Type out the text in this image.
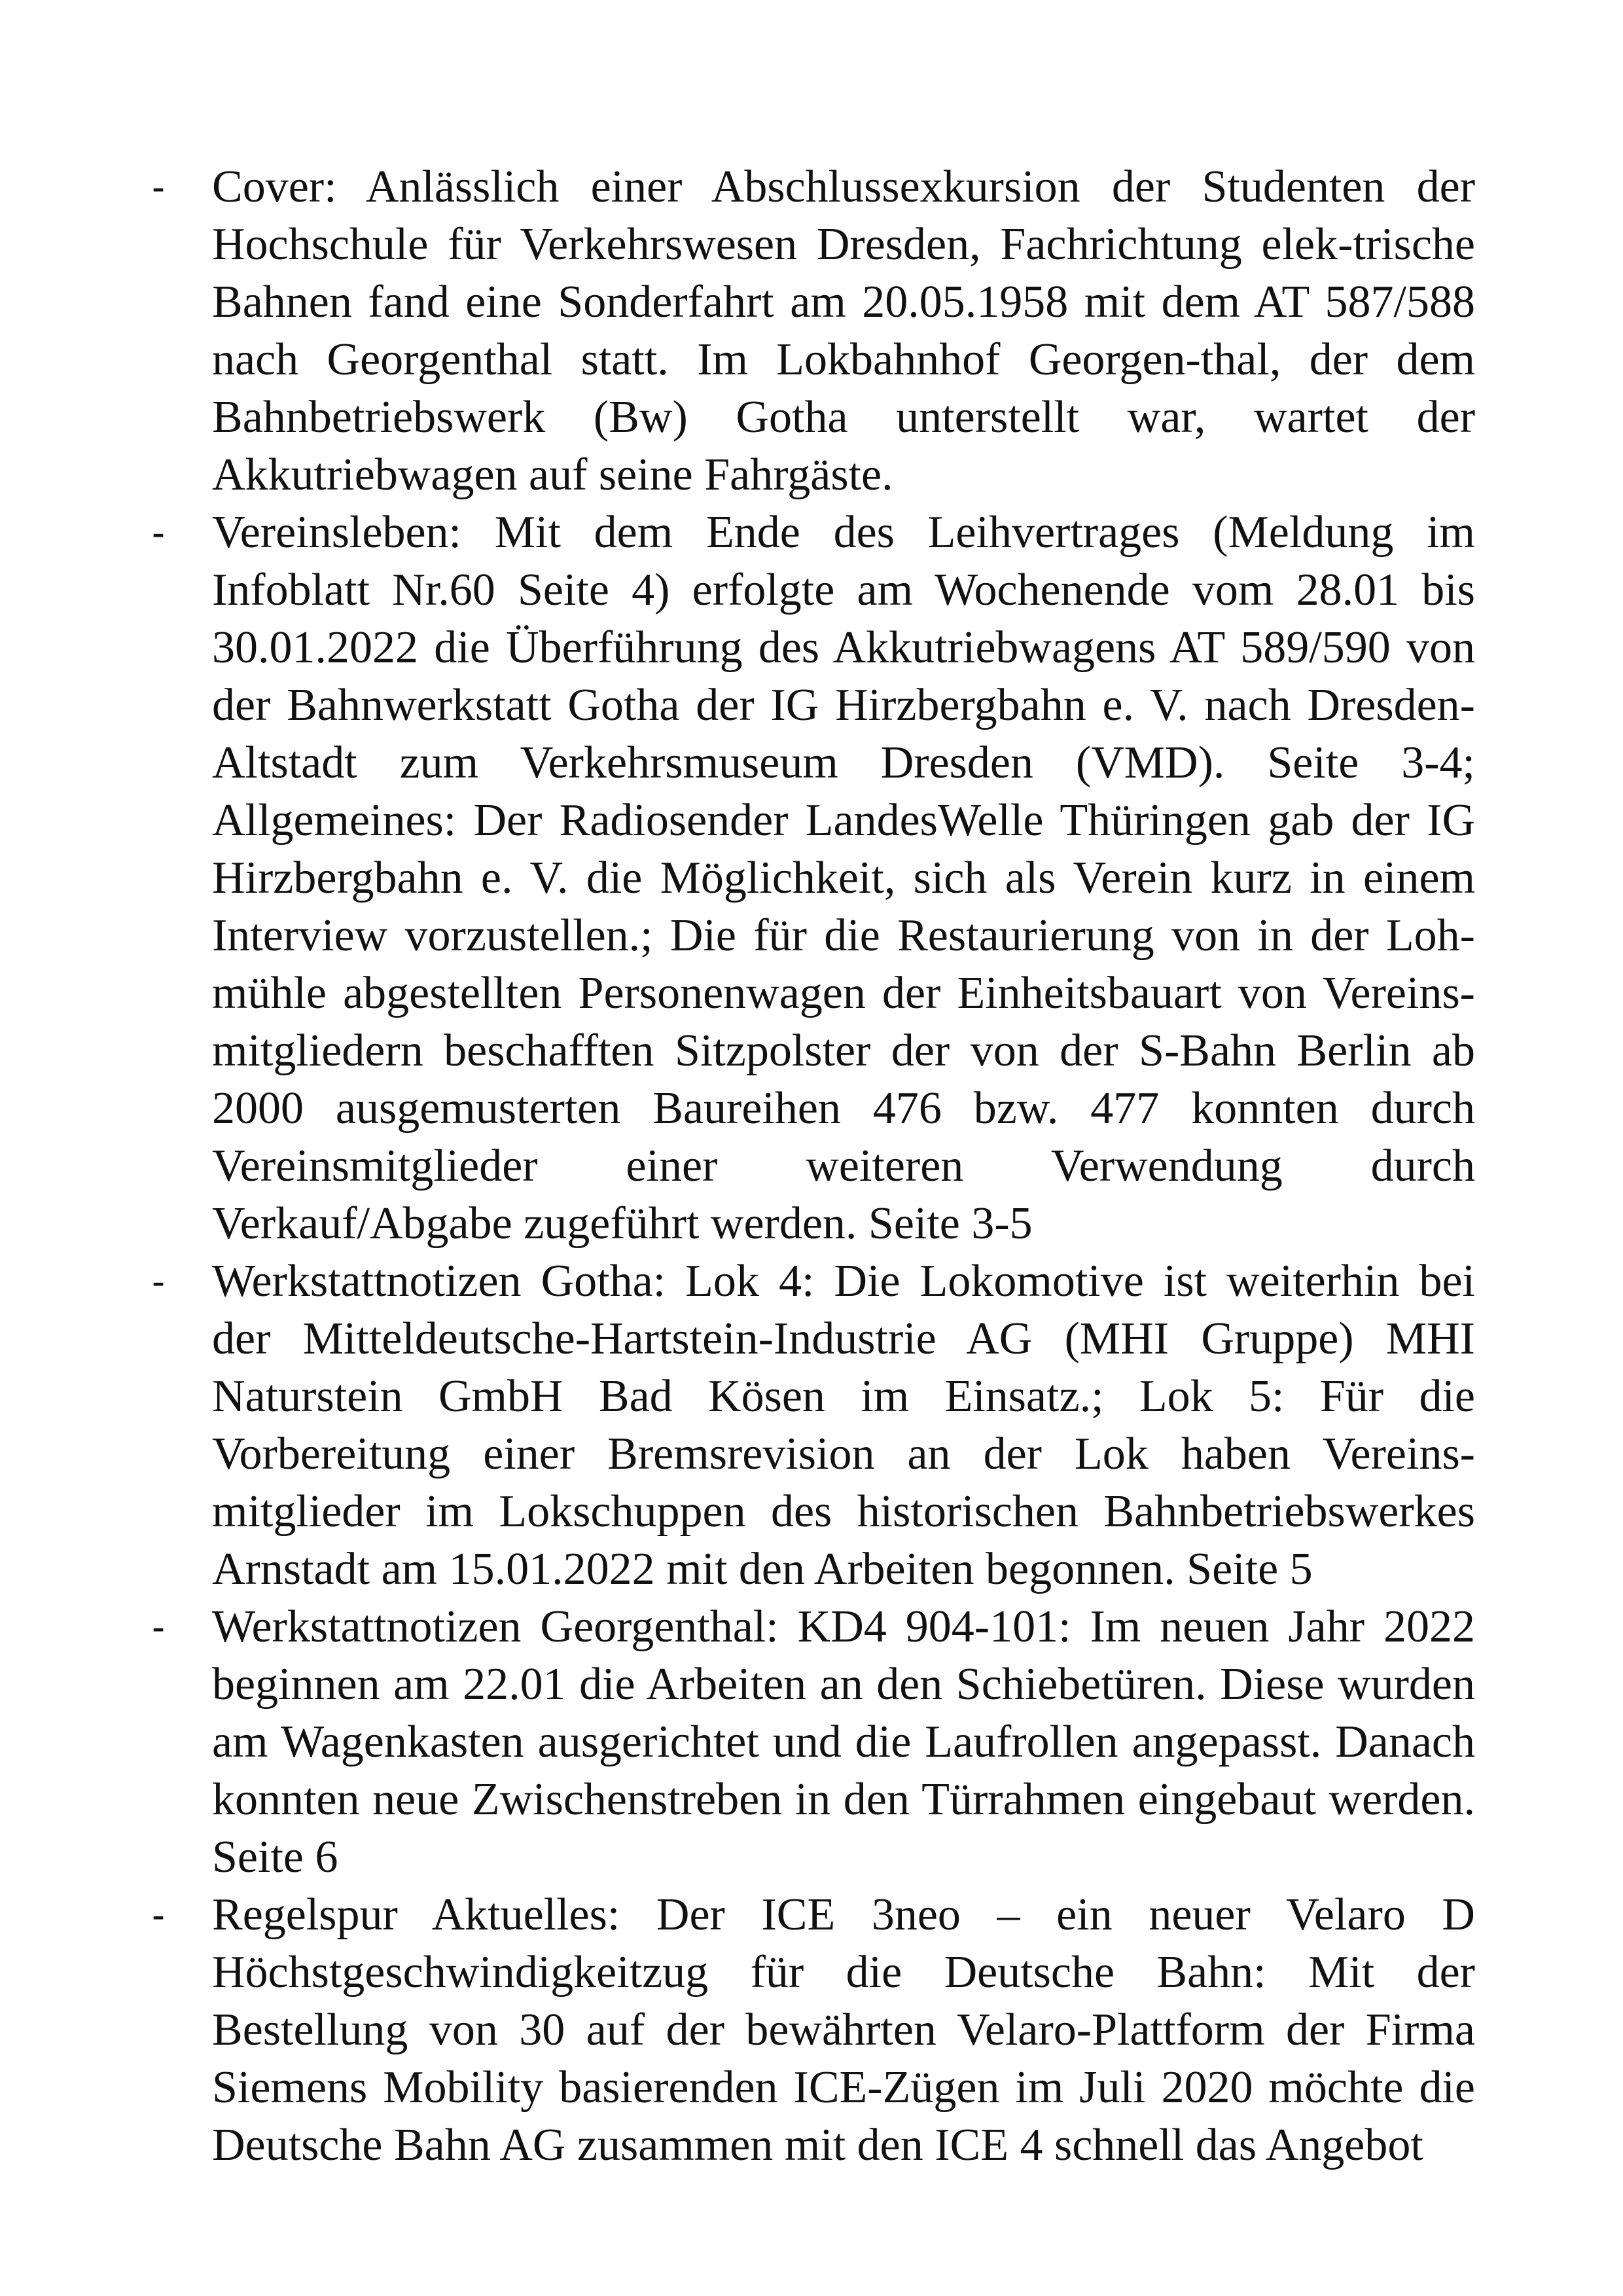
- Cover: Anlässlich einer Abschlussexkursion der Studenten der Hochschule für Verkehrswesen Dresden, Fachrichtung elek-trische Bahnen fand eine Sonderfahrt am 20.05.1958 mit dem AT 587/588 nach Georgenthal statt. Im Lokbahnhof Georgen-thal, der dem Bahnbetriebswerk (Bw) Gotha unterstellt war, wartet der Akkutriebwagen auf seine Fahrgäste.
- Vereinsleben: Mit dem Ende des Leihvertrages (Meldung im Infoblatt Nr.60 Seite 4) erfolgte am Wochenende vom 28.01 bis 30.01.2022 die Überführung des Akkutriebwagens AT 589/590 von der Bahnwerkstatt Gotha der IG Hirzbergbahn e. V. nach Dresden-Altstadt zum Verkehrsmuseum Dresden (VMD). Seite 3-4; Allgemeines: Der Radiosender LandesWelle Thüringen gab der IG Hirzbergbahn e. V. die Möglichkeit, sich als Verein kurz in einem Interview vorzustellen.; Die für die Restaurierung von in der Loh-mühle abgestellten Personenwagen der Einheitsbauart von Vereins-mitgliedern beschafften Sitzpolster der von der S-Bahn Berlin ab 2000 ausgemusterten Baureihen 476 bzw. 477 konnten durch Vereinsmitglieder einer weiteren Verwendung durch Verkauf/Abgabe zugeführt werden. Seite 3-5
- Werkstattnotizen Gotha: Lok 4: Die Lokomotive ist weiterhin bei der Mitteldeutsche-Hartstein-Industrie AG (MHI Gruppe) MHI Naturstein GmbH Bad Kösen im Einsatz.; Lok 5: Für die Vorbereitung einer Bremsrevision an der Lok haben Vereins-mitglieder im Lokschuppen des historischen Bahnbetriebswerkes Arnstadt am 15.01.2022 mit den Arbeiten begonnen. Seite 5
- Werkstattnotizen Georgenthal: KD4 904-101: Im neuen Jahr 2022 beginnen am 22.01 die Arbeiten an den Schiebetüren. Diese wurden am Wagenkasten ausgerichtet und die Laufrollen angepasst. Danach konnten neue Zwischenstreben in den Türrahmen eingebaut werden. Seite 6
- Regelspur Aktuelles: Der ICE 3neo – ein neuer Velaro D Höchstgeschwindigkeitzug für die Deutsche Bahn: Mit der Bestellung von 30 auf der bewährten Velaro-Plattform der Firma Siemens Mobility basierenden ICE-Zügen im Juli 2020 möchte die Deutsche Bahn AG zusammen mit den ICE 4 schnell das Angebot
